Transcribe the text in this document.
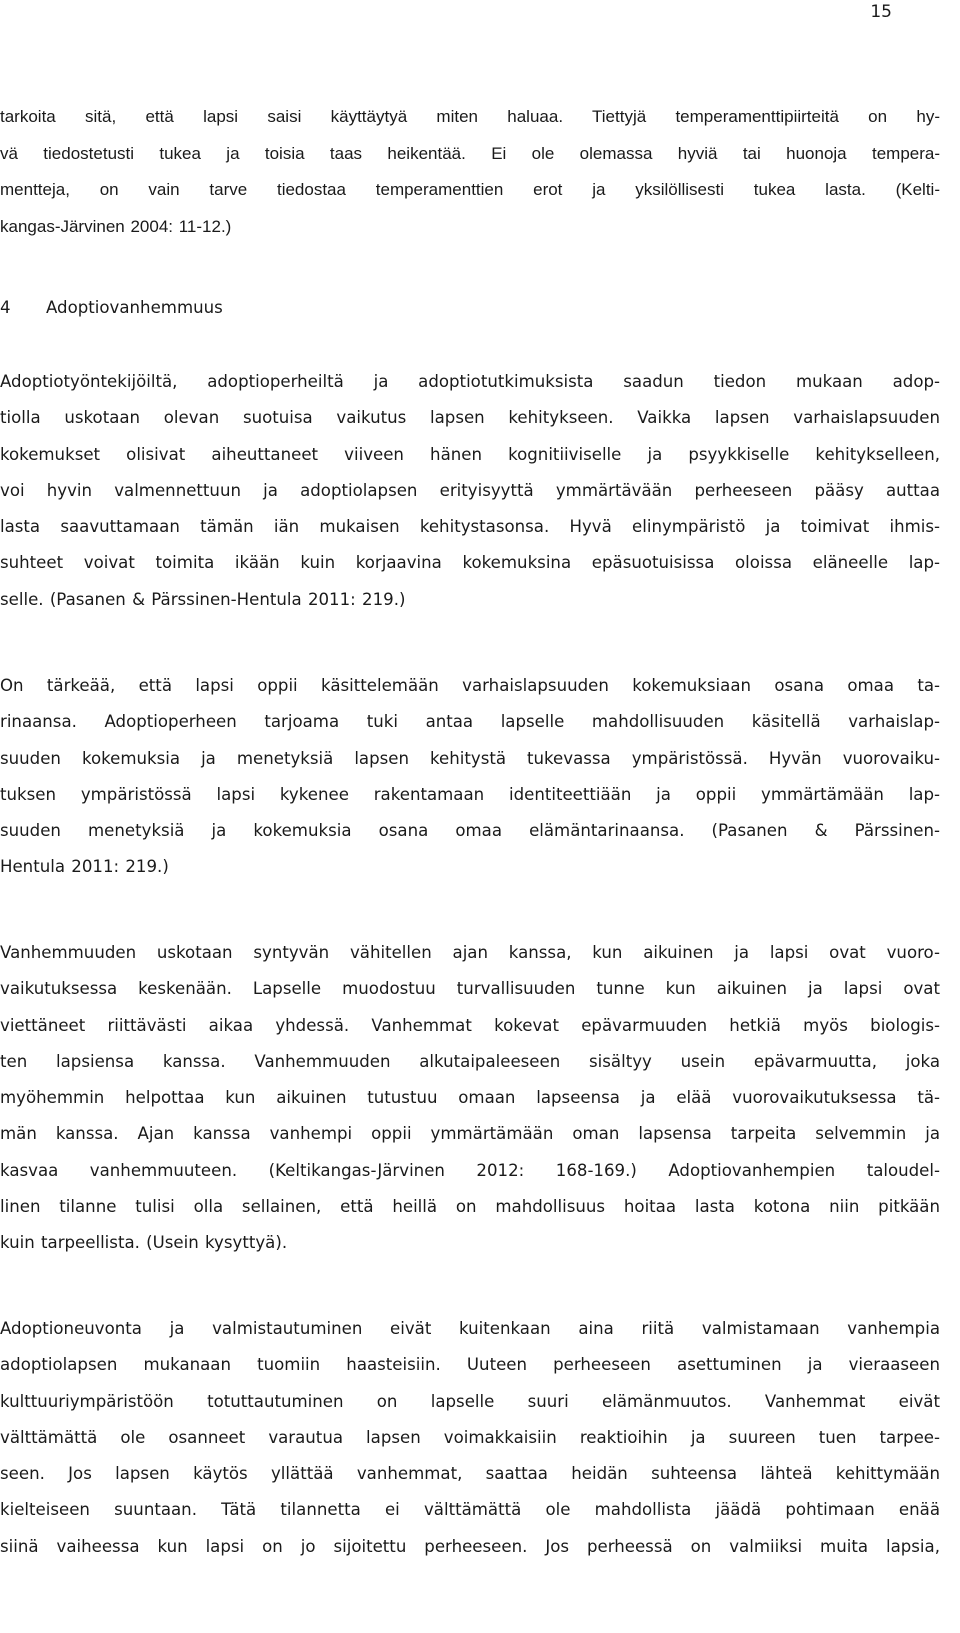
15
tarkoita sitä, että lapsi saisi käyttäytyä miten haluaa. Tiettyjä temperamenttipiirteitä on hy-
vä tiedostetusti tukea ja toisia taas heikentää. Ei ole olemassa hyviä tai huonoja tempera-
mentteja, on vain tarve tiedostaa temperamenttien erot ja yksilöllisesti tukea lasta. (Kelti-
kangas-Järvinen 2004: 11-12.)
4 Adoptiovanhemmuus
Adoptiotyöntekijöiltä, adoptioperheiltä ja adoptiotutkimuksista saadun tiedon mukaan adop-
tiolla uskotaan olevan suotuisa vaikutus lapsen kehitykseen. Vaikka lapsen varhaislapsuuden
kokemukset olisivat aiheuttaneet viiveen hänen kognitiiviselle ja psyykkiselle kehitykselleen,
voi hyvin valmennettuun ja adoptiolapsen erityisyyttä ymmärtävään perheeseen pääsy auttaa
lasta saavuttamaan tämän iän mukaisen kehitystasonsa. Hyvä elinympäristö ja toimivat ihmis-
suhteet voivat toimita ikään kuin korjaavina kokemuksina epäsuotuisissa oloissa eläneelle lap-
selle. (Pasanen & Pärssinen-Hentula 2011: 219.)
On tärkeää, että lapsi oppii käsittelemään varhaislapsuuden kokemuksiaan osana omaa ta-
rinaansa. Adoptioperheen tarjoama tuki antaa lapselle mahdollisuuden käsitellä varhaislap-
suuden kokemuksia ja menetyksiä lapsen kehitystä tukevassa ympäristössä. Hyvän vuorovaiku-
tuksen ympäristössä lapsi kykenee rakentamaan identiteettiään ja oppii ymmärtämään lap-
suuden menetyksiä ja kokemuksia osana omaa elämäntarinaansa. (Pasanen & Pärssinen-
Hentula 2011: 219.)
Vanhemmuuden uskotaan syntyvän vähitellen ajan kanssa, kun aikuinen ja lapsi ovat vuoro-
vaikutuksessa keskenään. Lapselle muodostuu turvallisuuden tunne kun aikuinen ja lapsi ovat
viettäneet riittävästi aikaa yhdessä. Vanhemmat kokevat epävarmuuden hetkiä myös biologis-
ten lapsiensa kanssa. Vanhemmuuden alkutaipaleeseen sisältyy usein epävarmuutta, joka
myöhemmin helpottaa kun aikuinen tutustuu omaan lapseensa ja elää vuorovaikutuksessa tä-
män kanssa. Ajan kanssa vanhempi oppii ymmärtämään oman lapsensa tarpeita selvemmin ja
kasvaa vanhemmuuteen. (Keltikangas-Järvinen 2012: 168-169.) Adoptiovanhempien taloudel-
linen tilanne tulisi olla sellainen, että heillä on mahdollisuus hoitaa lasta kotona niin pitkään
kuin tarpeellista. (Usein kysyttyä).
Adoptioneuvonta ja valmistautuminen eivät kuitenkaan aina riitä valmistamaan vanhempia
adoptiolapsen mukanaan tuomiin haasteisiin. Uuteen perheeseen asettuminen ja vieraaseen
kulttuuriympäristöön totuttautuminen on lapselle suuri elämänmuutos. Vanhemmat eivät
välttämättä ole osanneet varautua lapsen voimakkaisiin reaktioihin ja suureen tuen tarpee-
seen. Jos lapsen käytös yllättää vanhemmat, saattaa heidän suhteensa lähteä kehittymään
kielteiseen suuntaan. Tätä tilannetta ei välttämättä ole mahdollista jäädä pohtimaan enää
siinä vaiheessa kun lapsi on jo sijoitettu perheeseen. Jos perheessä on valmiiksi muita lapsia,
